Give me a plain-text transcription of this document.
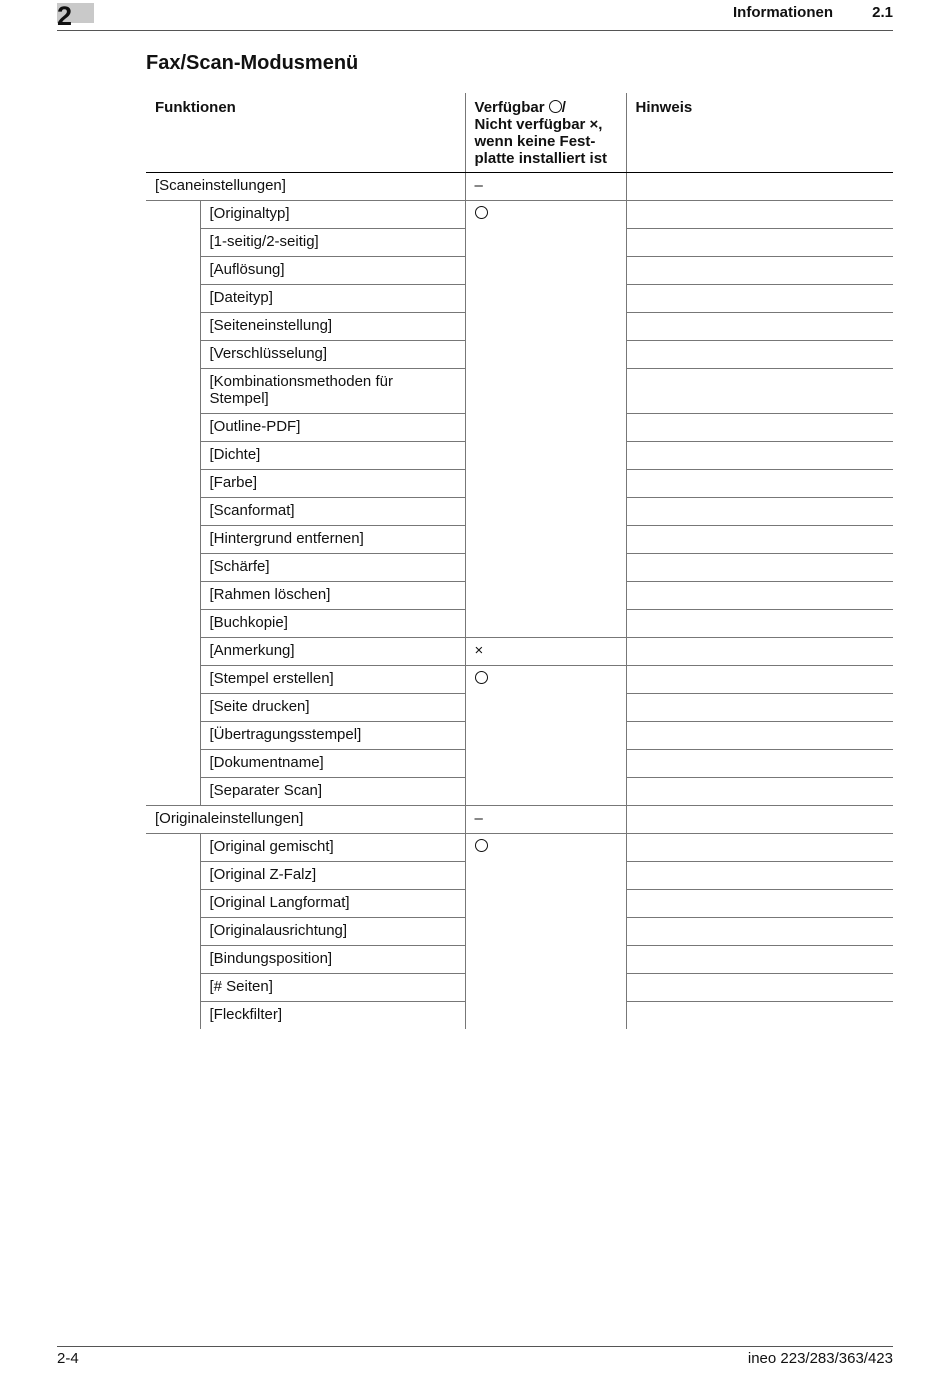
2	Informationen	2.1
Fax/Scan-Modusmenü
Funktionen		Verfügbar /
Nicht verfügbar ×,
wenn keine Fest-
platte installiert ist	Hinweis
[Scaneinstellungen]		–	
	[Originaltyp]		
	[1-seitig/2-seitig]		
	[Auflösung]		
	[Dateityp]		
	[Seiteneinstellung]		
	[Verschlüsselung]		
	[Kombinationsmethoden für Stempel]		
	[Outline-PDF]		
	[Dichte]		
	[Farbe]		
	[Scanformat]		
	[Hintergrund entfernen]		
	[Schärfe]		
	[Rahmen löschen]		
	[Buchkopie]		
	[Anmerkung]	×	
	[Stempel erstellen]		
	[Seite drucken]		
	[Übertragungsstempel]		
	[Dokumentname]		
	[Separater Scan]		
[Originaleinstellungen]		–	
	[Original gemischt]		
	[Original Z-Falz]		
	[Original Langformat]		
	[Originalausrichtung]		
	[Bindungsposition]		
	[# Seiten]		
	[Fleckfilter]		
2-4	ineo 223/283/363/423
